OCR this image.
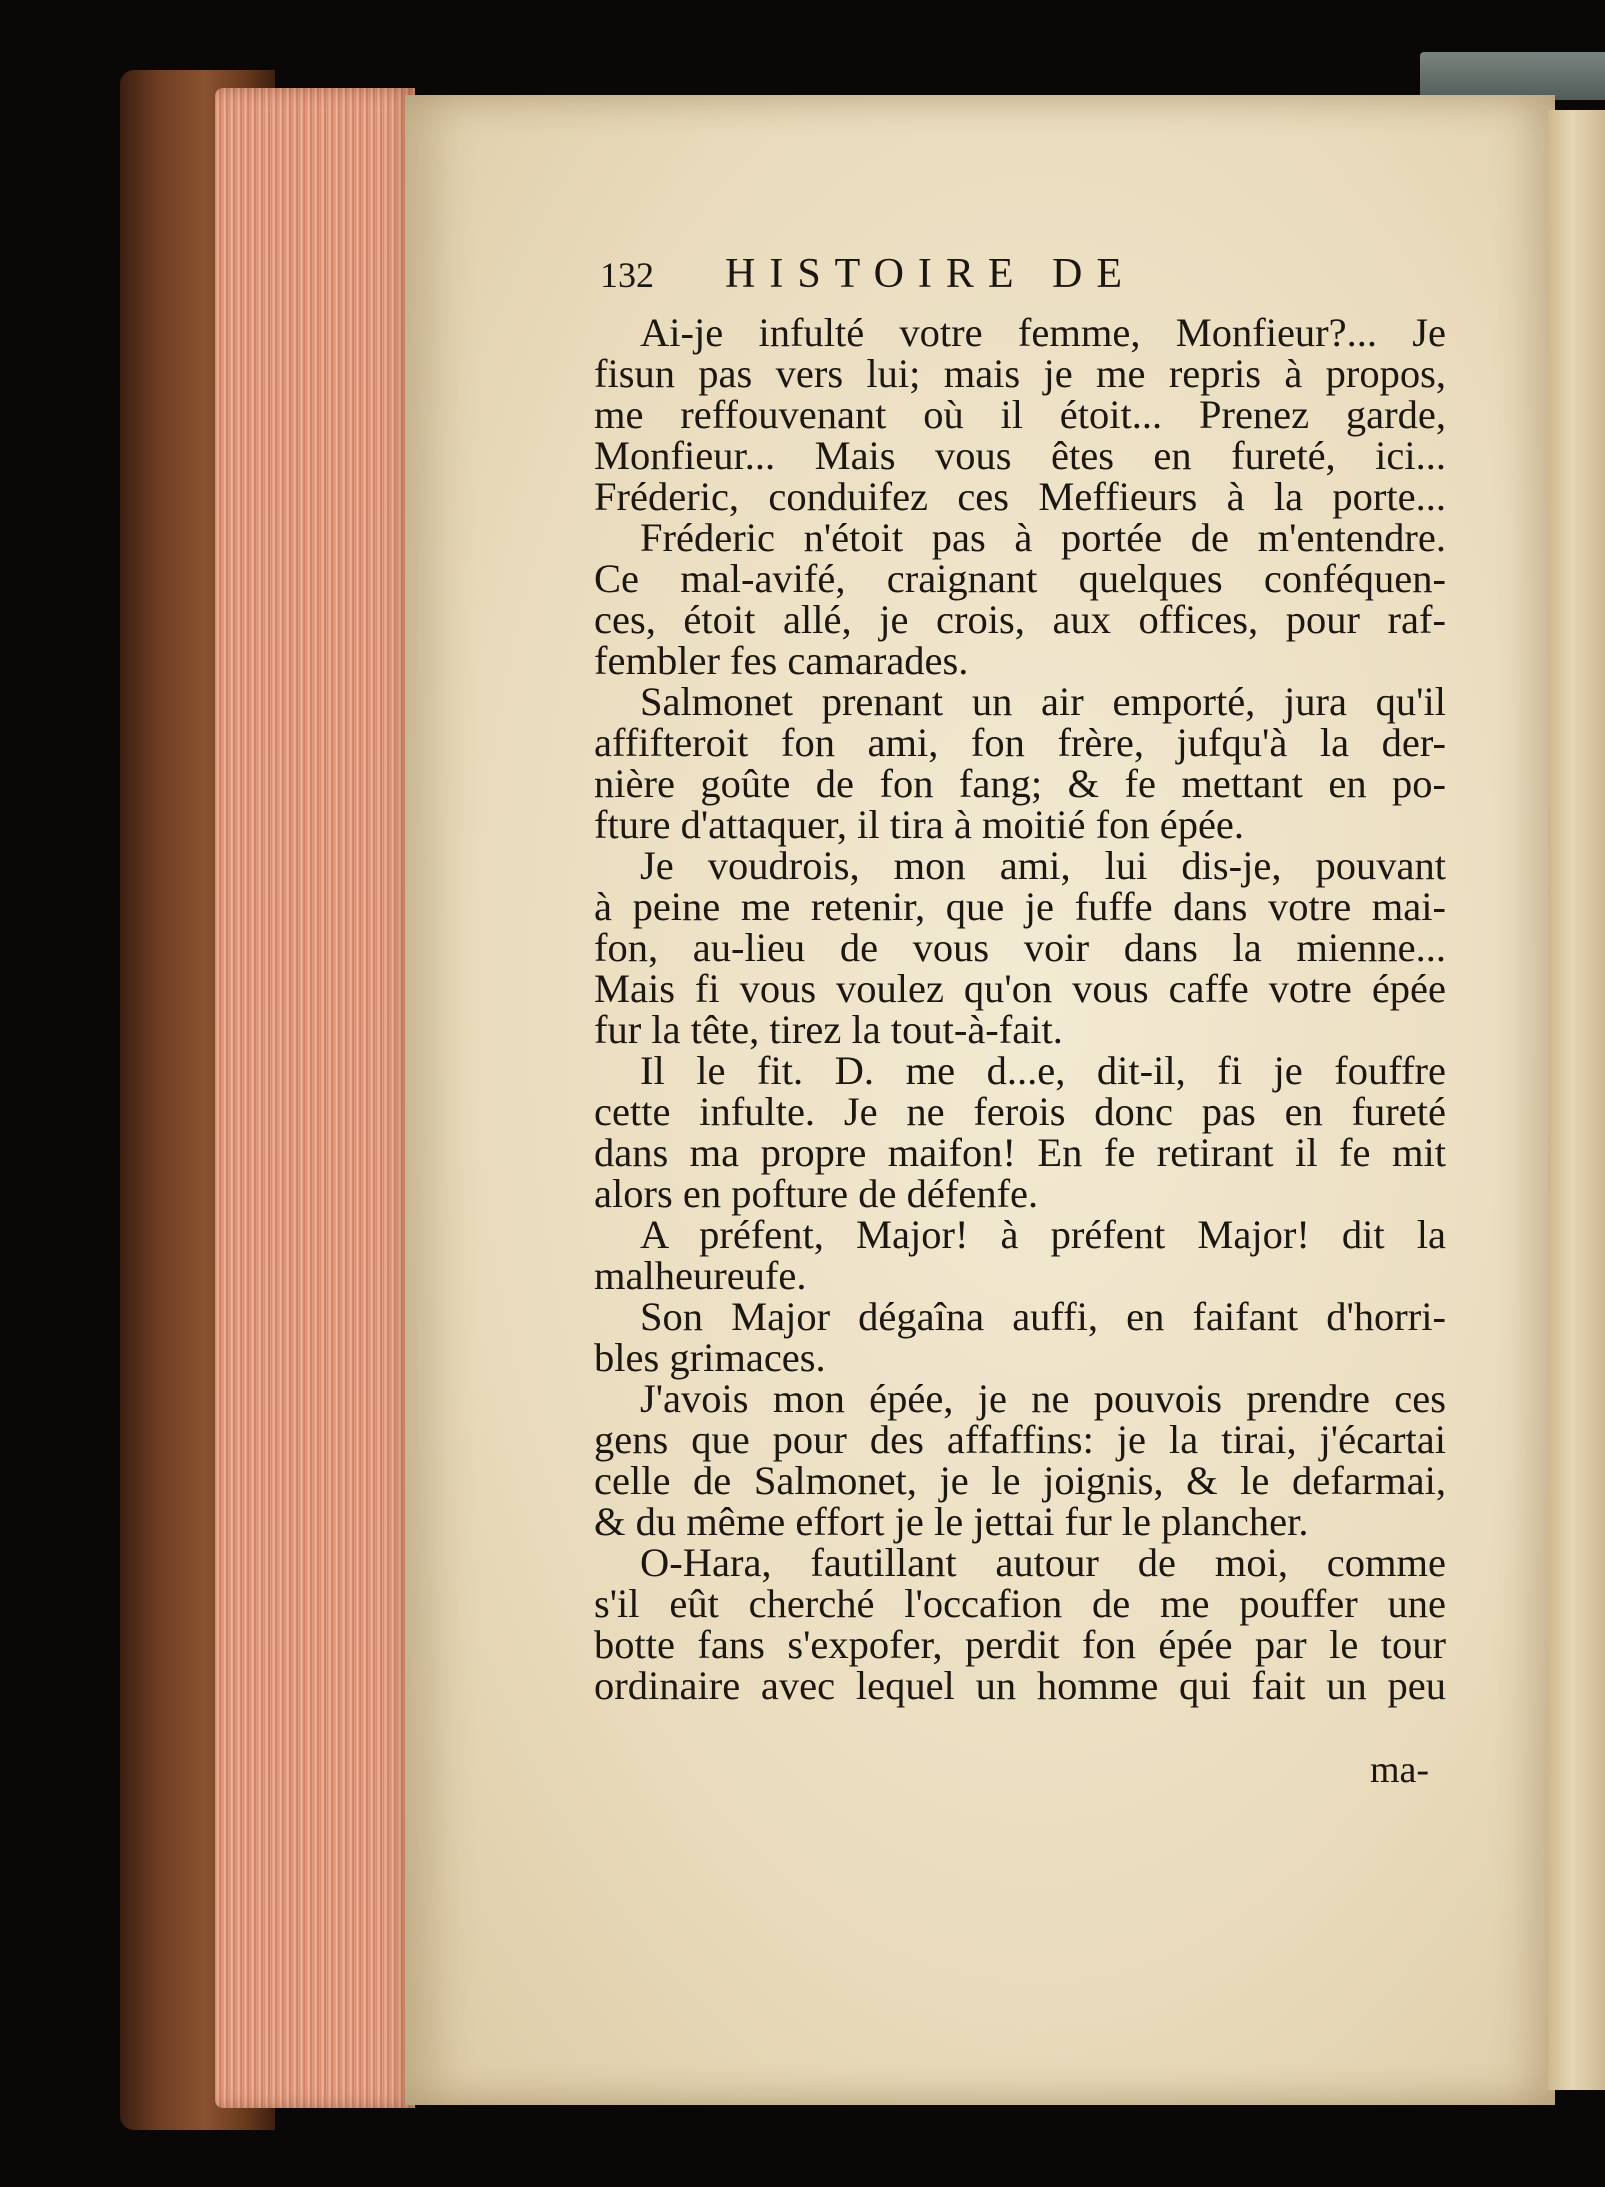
132 HISTOIRE DE
Ai-je infulté votre femme, Monfieur?... Je
fisun pas vers lui; mais je me repris à propos,
me reffouvenant où il étoit... Prenez garde,
Monfieur... Mais vous êtes en fureté, ici...
Fréderic, conduifez ces Meffieurs à la porte...
Fréderic n'étoit pas à portée de m'entendre.
Ce mal-avifé, craignant quelques conféquen-
ces, étoit allé, je crois, aux offices, pour raf-
fembler fes camarades.
Salmonet prenant un air emporté, jura qu'il
affifteroit fon ami, fon frère, jufqu'à la der-
nière goûte de fon fang; & fe mettant en po-
fture d'attaquer, il tira à moitié fon épée.
Je voudrois, mon ami, lui dis-je, pouvant
à peine me retenir, que je fuffe dans votre mai-
fon, au-lieu de vous voir dans la mienne...
Mais fi vous voulez qu'on vous caffe votre épée
fur la tête, tirez la tout-à-fait.
Il le fit. D. me d...e, dit-il, fi je fouffre
cette infulte. Je ne ferois donc pas en fureté
dans ma propre maifon! En fe retirant il fe mit
alors en pofture de défenfe.
A préfent, Major! à préfent Major! dit la
malheureufe.
Son Major dégaîna auffi, en faifant d'horri-
bles grimaces.
J'avois mon épée, je ne pouvois prendre ces
gens que pour des affaffins: je la tirai, j'écartai
celle de Salmonet, je le joignis, & le defarmai,
& du même effort je le jettai fur le plancher.
O-Hara, fautillant autour de moi, comme
s'il eût cherché l'occafion de me pouffer une
botte fans s'expofer, perdit fon épée par le tour
ordinaire avec lequel un homme qui fait un peu
ma-
